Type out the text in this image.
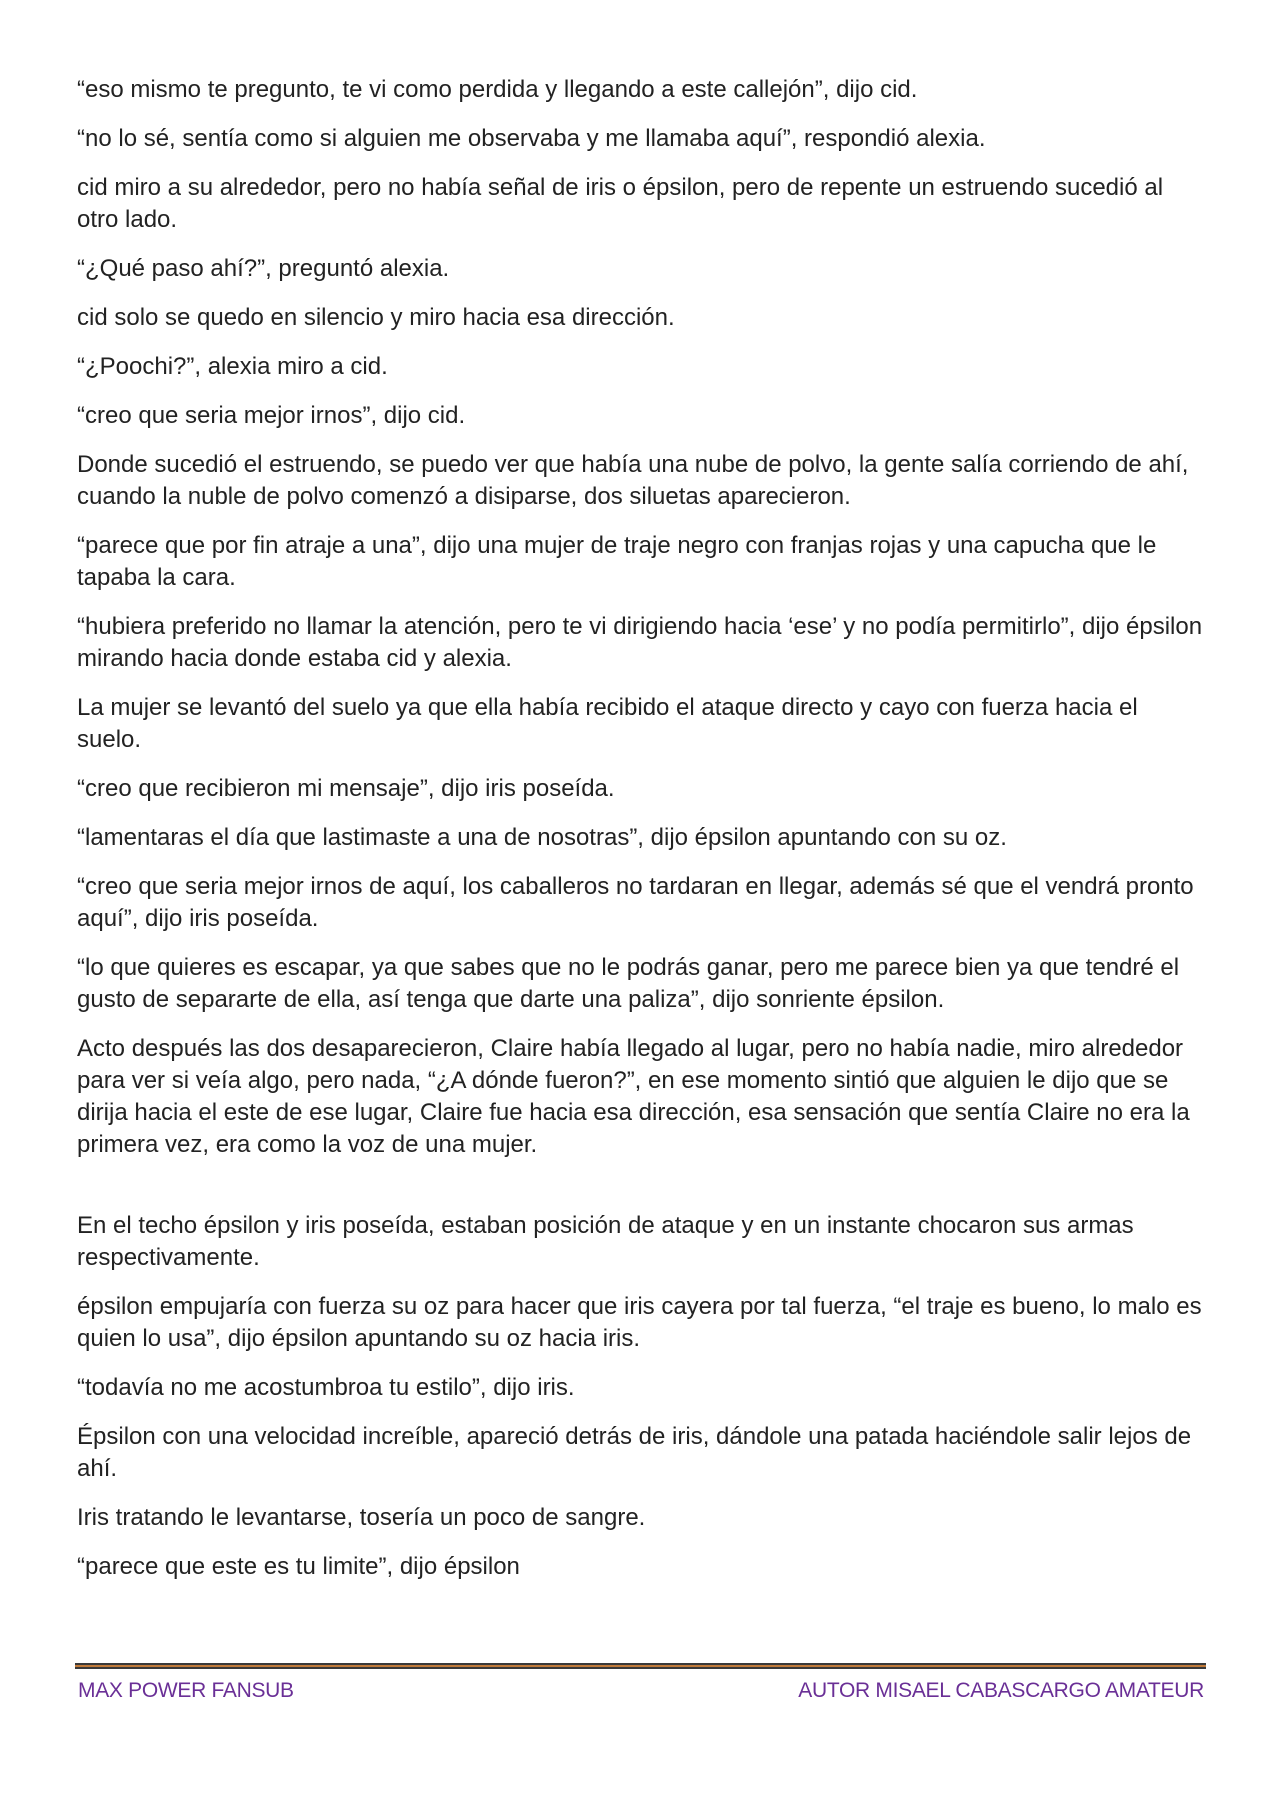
“eso mismo te pregunto, te vi como perdida y llegando a este callejón”, dijo cid.

“no lo sé, sentía como si alguien me observaba y me llamaba aquí”, respondió alexia.

cid miro a su alrededor, pero no había señal de iris o épsilon, pero de repente un estruendo sucedió al otro lado.

“¿Qué paso ahí?”, preguntó alexia.

cid solo se quedo en silencio y miro hacia esa dirección.

“¿Poochi?”, alexia miro a cid.

“creo que seria mejor irnos”, dijo cid.

Donde sucedió el estruendo, se puedo ver que había una nube de polvo, la gente salía corriendo de ahí, cuando la nuble de polvo comenzó a disiparse, dos siluetas aparecieron.

“parece que por fin atraje a una”, dijo una mujer de traje negro con franjas rojas y una capucha que le tapaba la cara.

“hubiera preferido no llamar la atención, pero te vi dirigiendo hacia ‘ese’ y no podía permitirlo”, dijo épsilon mirando hacia donde estaba cid y alexia.

La mujer se levantó del suelo ya que ella había recibido el ataque directo y cayo con fuerza hacia el suelo.

“creo que recibieron mi mensaje”, dijo iris poseída.

“lamentaras el día que lastimaste a una de nosotras”, dijo épsilon apuntando con su oz.

“creo que seria mejor irnos de aquí, los caballeros no tardaran en llegar, además sé que el vendrá pronto aquí”, dijo iris poseída.

“lo que quieres es escapar, ya que sabes que no le podrás ganar, pero me parece bien ya que tendré el gusto de separarte de ella, así tenga que darte una paliza”, dijo sonriente épsilon.

Acto después las dos desaparecieron, Claire había llegado al lugar, pero no había nadie, miro alrededor para ver si veía algo, pero nada, “¿A dónde fueron?”, en ese momento sintió que alguien le dijo que se dirija hacia el este de ese lugar, Claire fue hacia esa dirección, esa sensación que sentía Claire no era la primera vez, era como la voz de una mujer.

En el techo épsilon y iris poseída, estaban posición de ataque y en un instante chocaron sus armas respectivamente.

épsilon empujaría con fuerza su oz para hacer que iris cayera por tal fuerza, “el traje es bueno, lo malo es quien lo usa”, dijo épsilon apuntando su oz hacia iris.

“todavía no me acostumbroa tu estilo”, dijo iris.

Épsilon con una velocidad increíble, apareció detrás de iris, dándole una patada haciéndole salir lejos de ahí.

Iris tratando le levantarse, tosería un poco de sangre.

“parece que este es tu limite”, dijo épsilon

MAX POWER FANSUB	AUTOR MISAEL CABASCARGO AMATEUR
